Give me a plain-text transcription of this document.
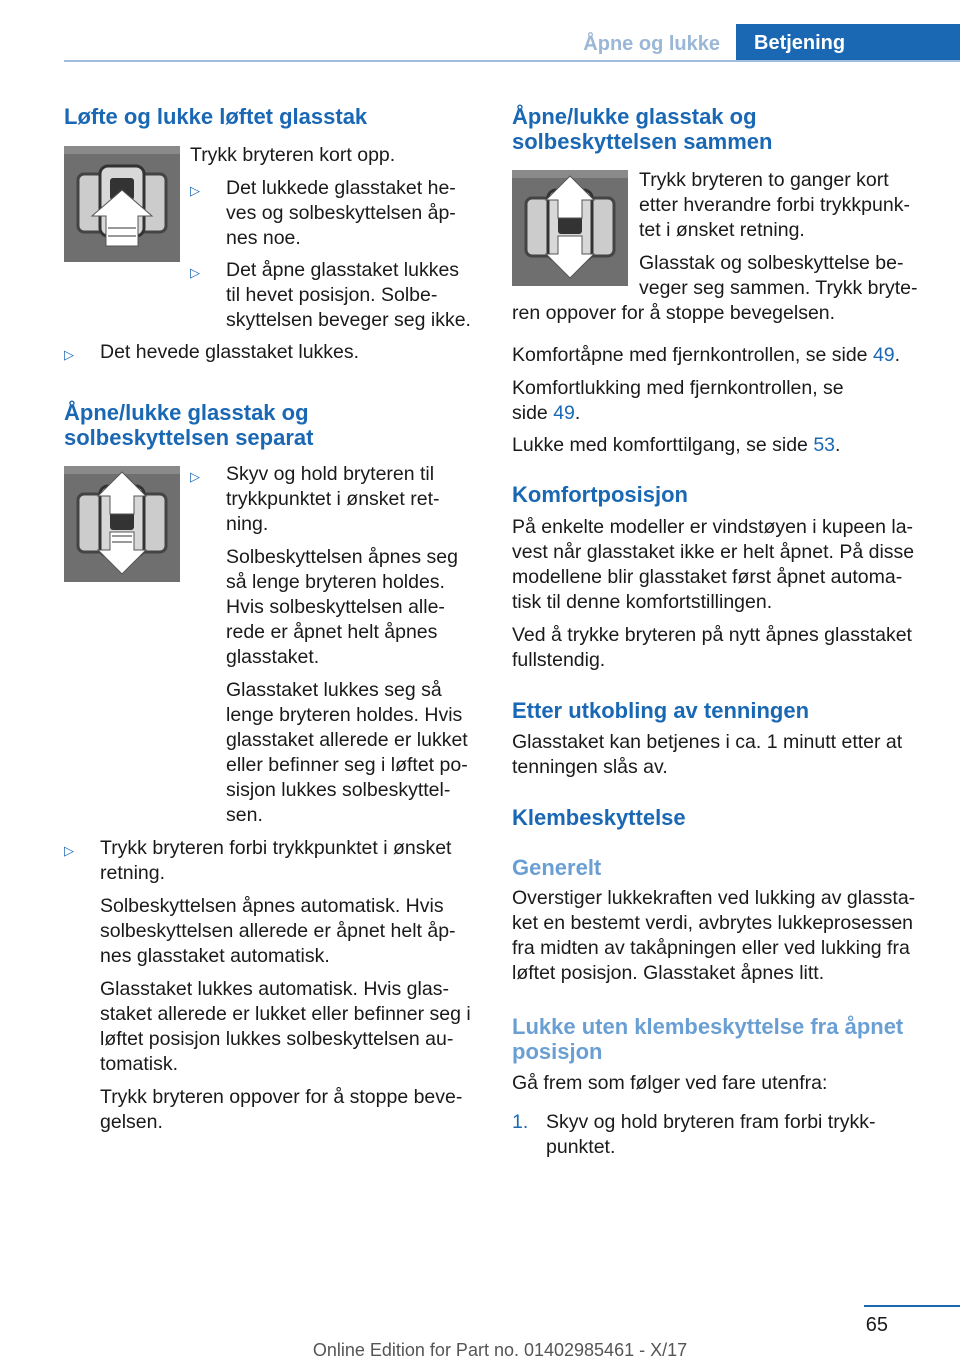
Åpne og lukke	Betjening
Løfte og lukke løftet glasstak

Trykk bryteren kort opp.

▷ Det lukkede glasstaket he-
ves og solbeskyttelsen åp-
nes noe.
▷ Det åpne glasstaket lukkes
til hevet posisjon. Solbe-
skyttelsen beveger seg ikke.
▷	Det hevede glasstaket lukkes.
Åpne/lukke glasstak og
solbeskyttelsen separat
▷ Skyv og hold bryteren til
trykkpunktet i ønsket ret-
ning.
Solbeskyttelsen åpnes seg
så lenge bryteren holdes.
Hvis solbeskyttelsen alle-
rede er åpnet helt åpnes
glasstaket.
Glasstaket lukkes seg så
lenge bryteren holdes. Hvis
glasstaket allerede er lukket
eller befinner seg i løftet po-
sisjon lukkes solbeskyttel-
sen.
▷ Trykk bryteren forbi trykkpunktet i ønsket
retning.
Solbeskyttelsen åpnes automatisk. Hvis
solbeskyttelsen allerede er åpnet helt åp-
nes glasstaket automatisk.
Glasstaket lukkes automatisk. Hvis glas-
staket allerede er lukket eller befinner seg i
løftet posisjon lukkes solbeskyttelsen au-
tomatisk.
Trykk bryteren oppover for å stoppe beve-
gelsen.
Åpne/lukke glasstak og
solbeskyttelsen sammen
Trykk bryteren to ganger kort
etter hverandre forbi trykkpunk-
tet i ønsket retning.
Glasstak og solbeskyttelse be-
veger seg sammen. Trykk bryte-
ren oppover for å stoppe bevegelsen.

Komfortåpne med fjernkontrollen, se side 49.

Komfortlukking med fjernkontrollen, se
side 49.

Lukke med komforttilgang, se side 53.

Komfortposisjon
På enkelte modeller er vindstøyen i kupeen la-
vest når glasstaket ikke er helt åpnet. På disse
modellene blir glasstaket først åpnet automa-
tisk til denne komfortstillingen.
Ved å trykke bryteren på nytt åpnes glasstaket
fullstendig.
Etter utkobling av tenningen
Glasstaket kan betjenes i ca. 1 minutt etter at
tenningen slås av.
Klembeskyttelse
Generelt
Overstiger lukkekraften ved lukking av glassta-
ket en bestemt verdi, avbrytes lukkeprosessen
fra midten av takåpningen eller ved lukking fra
løftet posisjon. Glasstaket åpnes litt.
Lukke uten klembeskyttelse fra åpnet
posisjon
Gå frem som følger ved fare utenfra:
1. Skyv og hold bryteren fram forbi trykk-
punktet.
65
Online Edition for Part no. 01402985461 - X/17
